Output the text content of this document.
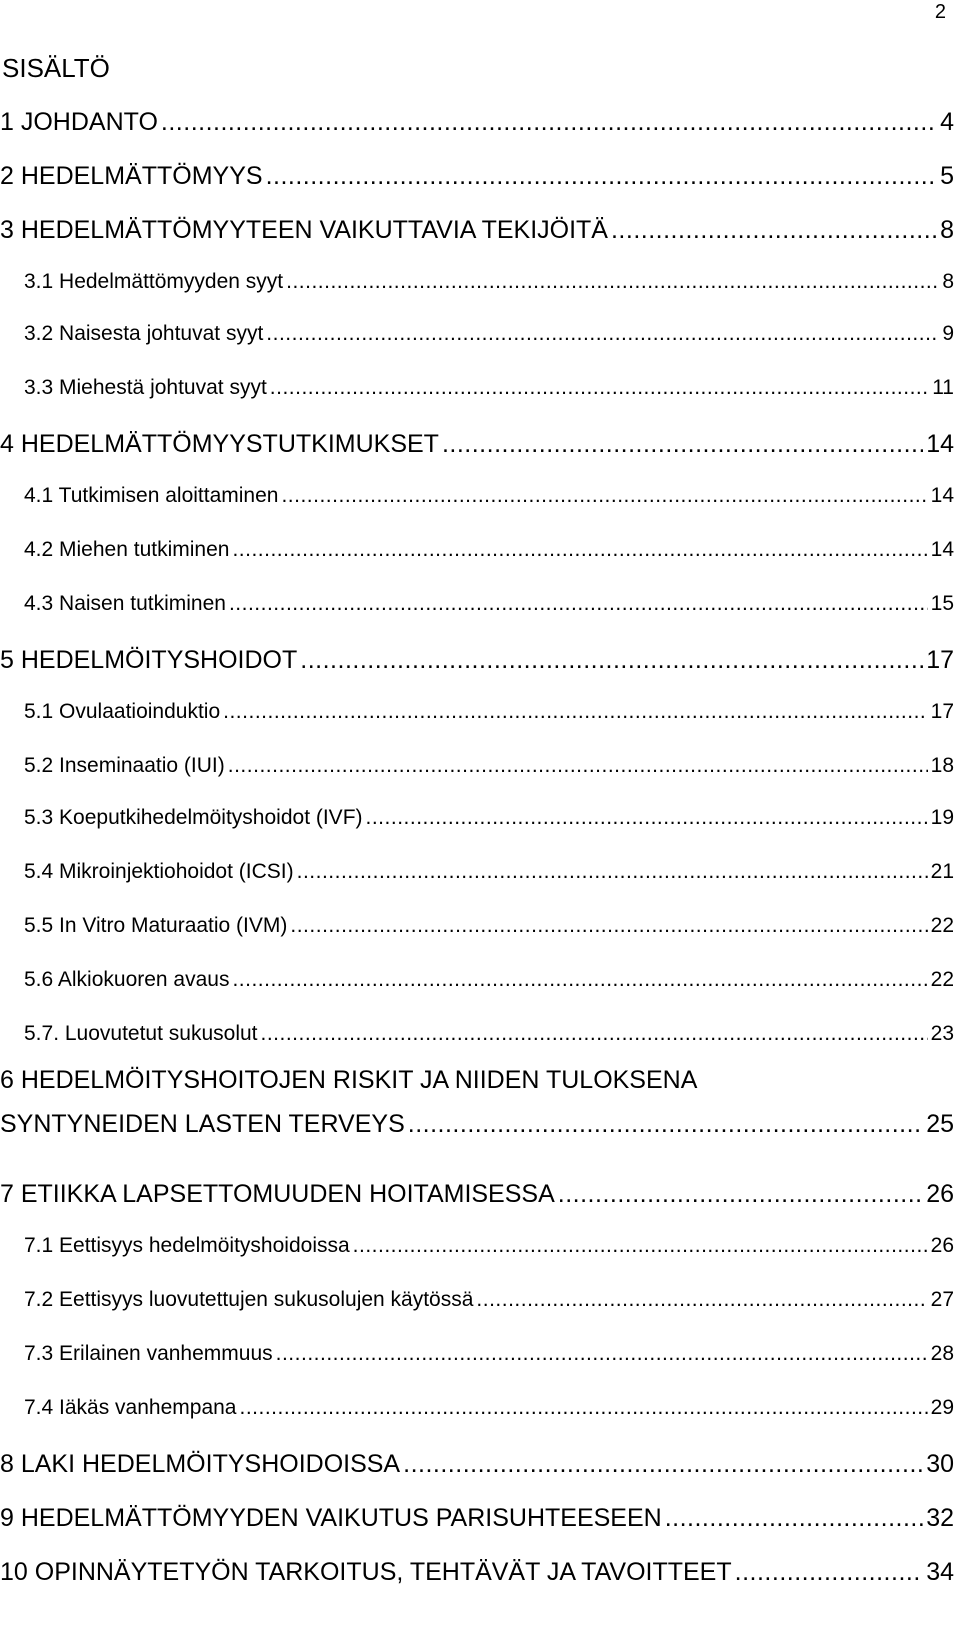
2
SISÄLTÖ
1 JOHDANTO .....	4
2 HEDELMÄTTÖMYYS .....	5
3 HEDELMÄTTÖMYYTEEN VAIKUTTAVIA TEKIJÖITÄ .....	8
3.1 Hedelmättömyyden syyt .....	8
3.2 Naisesta johtuvat syyt .....	9
3.3 Miehestä johtuvat syyt .....	11
4 HEDELMÄTTÖMYYSTUTKIMUKSET .....	14
4.1 Tutkimisen aloittaminen .....	14
4.2 Miehen tutkiminen .....	14
4.3 Naisen tutkiminen .....	15
5 HEDELMÖITYSHOIDOT .....	17
5.1 Ovulaatioinduktio .....	17
5.2 Inseminaatio (IUI) .....	18
5.3 Koeputkihedelmöityshoidot (IVF) .....	19
5.4 Mikroinjektiohoidot (ICSI) .....	21
5.5 In Vitro Maturaatio (IVM) .....	22
5.6 Alkiokuoren avaus .....	22
5.7. Luovutetut sukusolut .....	23
6 HEDELMÖITYSHOITOJEN RISKIT JA NIIDEN TULOKSENA
SYNTYNEIDEN LASTEN TERVEYS .....	25
7 ETIIKKA LAPSETTOMUUDEN HOITAMISESSA .....	26
7.1 Eettisyys hedelmöityshoidoissa .....	26
7.2 Eettisyys luovutettujen sukusolujen käytössä .....	27
7.3 Erilainen vanhemmuus .....	28
7.4 Iäkäs vanhempana .....	29
8 LAKI HEDELMÖITYSHOIDOISSA .....	30
9 HEDELMÄTTÖMYYDEN VAIKUTUS PARISUHTEESEEN .....	32
10 OPINNÄYTETYÖN TARKOITUS, TEHTÄVÄT JA TAVOITTEET .....	34
